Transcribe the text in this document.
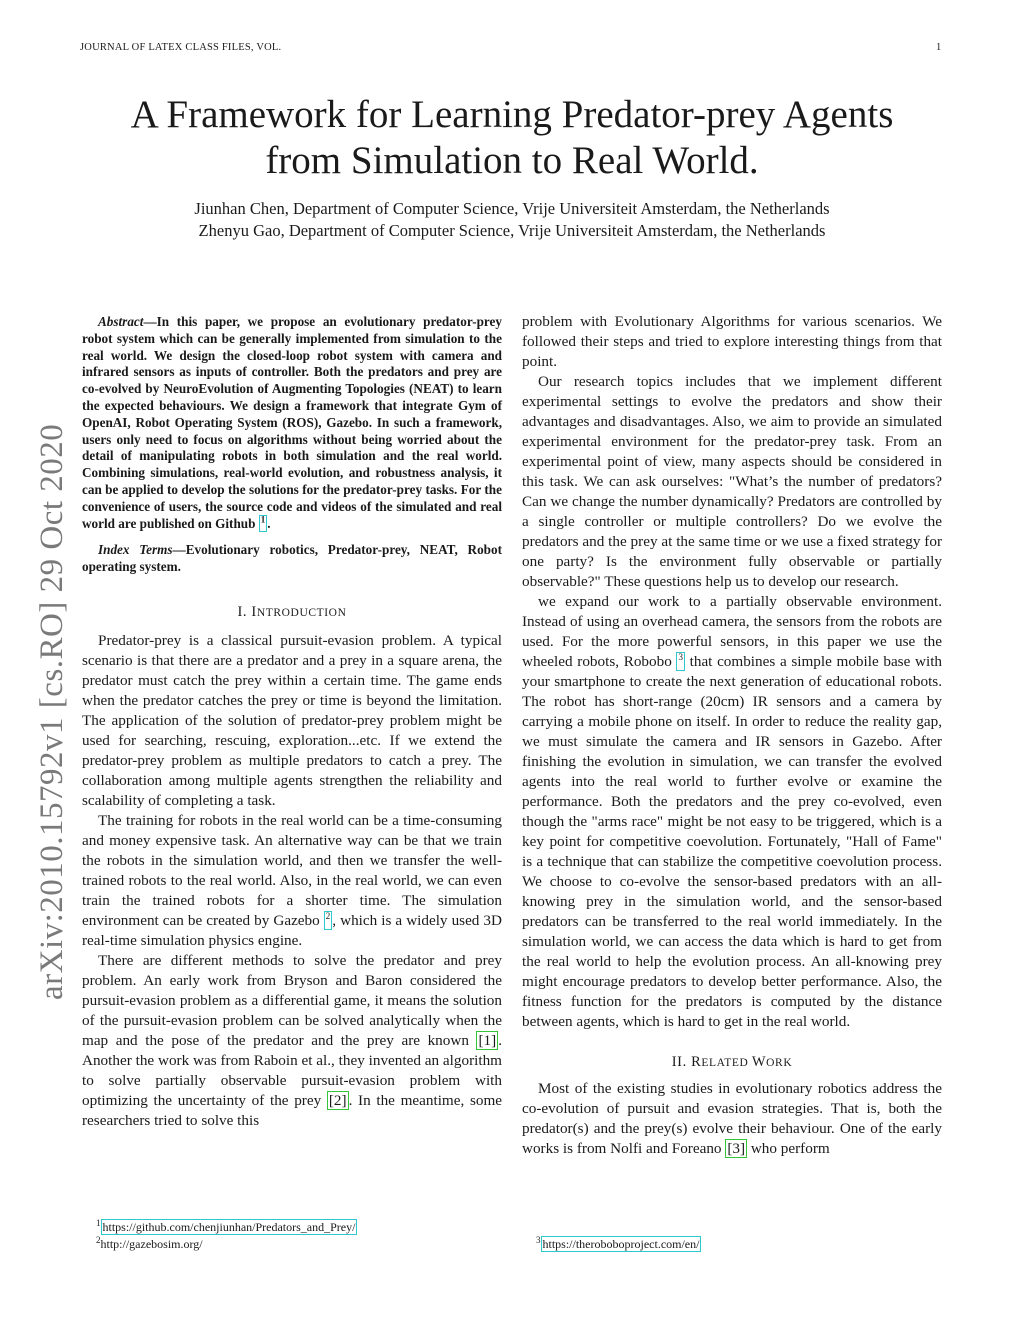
JOURNAL OF LATEX CLASS FILES, VOL.	1
arXiv:2010.15792v1 [cs.RO] 29 Oct 2020
A Framework for Learning Predator-prey Agents
from Simulation to Real World.
Jiunhan Chen, Department of Computer Science, Vrije Universiteit Amsterdam, the Netherlands
Zhenyu Gao, Department of Computer Science, Vrije Universiteit Amsterdam, the Netherlands

Abstract—In this paper, we propose an evolutionary predator-prey robot system which can be generally implemented from simulation to the real world. We design the closed-loop robot system with camera and infrared sensors as inputs of controller. Both the predators and prey are co-evolved by NeuroEvolution of Augmenting Topologies (NEAT) to learn the expected behaviours. We design a framework that integrate Gym of OpenAI, Robot Operating System (ROS), Gazebo. In such a framework, users only need to focus on algorithms without being worried about the detail of manipulating robots in both simulation and the real world. Combining simulations, real-world evolution, and robustness analysis, it can be applied to develop the solutions for the predator-prey tasks. For the convenience of users, the source code and videos of the simulated and real world are published on Github $^1$ .

Index Terms—Evolutionary robotics, Predator-prey, NEAT, Robot operating system.

I. INTRODUCTION

Predator-prey is a classical pursuit-evasion problem. A typical scenario is that there are a predator and a prey in a square arena, the predator must catch the prey within a certain time. The game ends when the predator catches the prey or time is beyond the limitation. The application of the solution of predator-prey problem might be used for searching, rescuing, exploration...etc. If we extend the predator-prey problem as multiple predators to catch a prey. The collaboration among multiple agents strengthen the reliability and scalability of completing a task.

The training for robots in the real world can be a time-consuming and money expensive task. An alternative way can be that we train the robots in the simulation world, and then we transfer the well-trained robots to the real world. Also, in the real world, we can even train the trained robots for a shorter time. The simulation environment can be created by Gazebo $^2$ , which is a widely used 3D real-time simulation physics engine.

There are different methods to solve the predator and prey problem. An early work from Bryson and Baron considered the pursuit-evasion problem as a differential game, it means the solution of the pursuit-evasion problem can be solved analytically when the map and the pose of the predator and the prey are known [1] . Another the work was from Raboin et al., they invented an algorithm to solve partially observable pursuit-evasion problem with optimizing the uncertainty of the prey [2] . In the meantime, some researchers tried to solve this

problem with Evolutionary Algorithms for various scenarios. We followed their steps and tried to explore interesting things from that point.

Our research topics includes that we implement different experimental settings to evolve the predators and show their advantages and disadvantages. Also, we aim to provide an simulated experimental environment for the predator-prey task. From an experimental point of view, many aspects should be considered in this task. We can ask ourselves: "What’s the number of predators? Can we change the number dynamically? Predators are controlled by a single controller or multiple controllers? Do we evolve the predators and the prey at the same time or we use a fixed strategy for one party? Is the environment fully observable or partially observable?" These questions help us to develop our research.

we expand our work to a partially observable environment. Instead of using an overhead camera, the sensors from the robots are used. For the more powerful sensors, in this paper we use the wheeled robots, Robobo $^3$ that combines a simple mobile base with your smartphone to create the next generation of educational robots. The robot has short-range (20cm) IR sensors and a camera by carrying a mobile phone on itself. In order to reduce the reality gap, we must simulate the camera and IR sensors in Gazebo. After finishing the evolution in simulation, we can transfer the evolved agents into the real world to further evolve or examine the performance. Both the predators and the prey co-evolved, even though the "arms race" might be not easy to be triggered, which is a key point for competitive coevolution. Fortunately, "Hall of Fame" is a technique that can stabilize the competitive coevolution process. We choose to co-evolve the sensor-based predators with an all-knowing prey in the simulation world, and the sensor-based predators can be transferred to the real world immediately. In the simulation world, we can access the data which is hard to get from the real world to help the evolution process. An all-knowing prey might encourage predators to develop better performance. Also, the fitness function for the predators is computed by the distance between agents, which is hard to get in the real world.

II. RELATED WORK

Most of the existing studies in evolutionary robotics address the co-evolution of pursuit and evasion strategies. That is, both the predator(s) and the prey(s) evolve their behaviour. One of the early works is from Nolfi and Foreano [3] who perform

$^1$ https://github.com/chenjiunhan/Predators_and_Prey/
$^2$http://gazebosim.org/	$^3$ https://theroboboproject.com/en/
